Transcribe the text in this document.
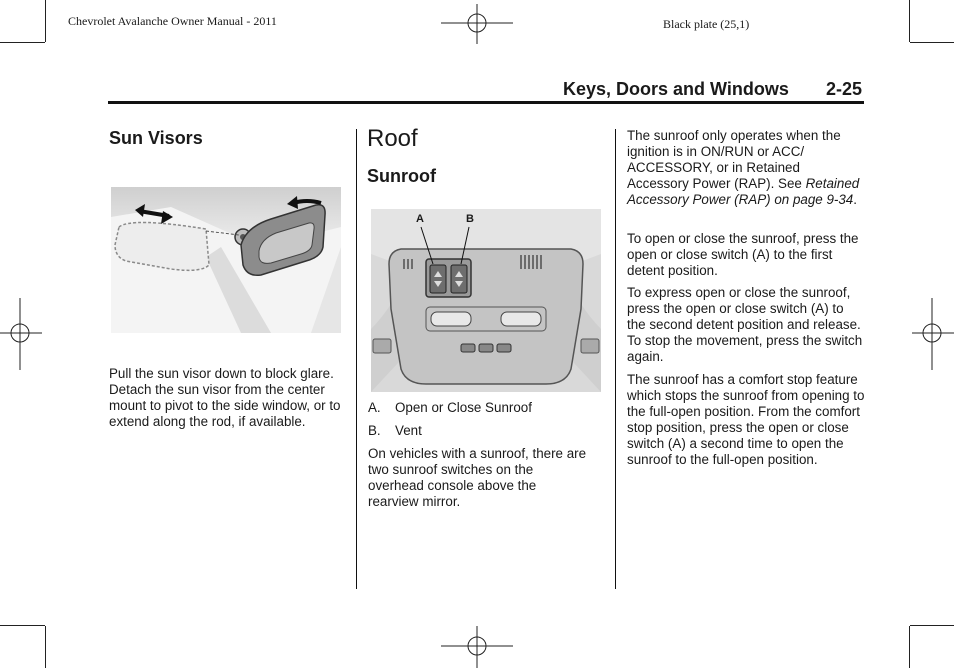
Chevrolet Avalanche Owner Manual - 2011	Black plate (25,1)
Keys, Doors and Windows 2-25
Sun Visors

Pull the sun visor down to block glare. Detach the sun visor from the center mount to pivot to the side window, or to extend along the rod, if available.

Roof
Sunroof
A	B
A. Open or Close Sunroof
B. Vent

On vehicles with a sunroof, there are two sunroof switches on the overhead console above the rearview mirror.

The sunroof only operates when the ignition is in ON/RUN or ACC/ ACCESSORY, or in Retained Accessory Power (RAP). See Retained Accessory Power (RAP) on page 9-34.

To open or close the sunroof, press the open or close switch (A) to the first detent position.

To express open or close the sunroof, press the open or close switch (A) to the second detent position and release. To stop the movement, press the switch again.

The sunroof has a comfort stop feature which stops the sunroof from opening to the full-open position. From the comfort stop position, press the open or close switch (A) a second time to open the sunroof to the full-open position.
